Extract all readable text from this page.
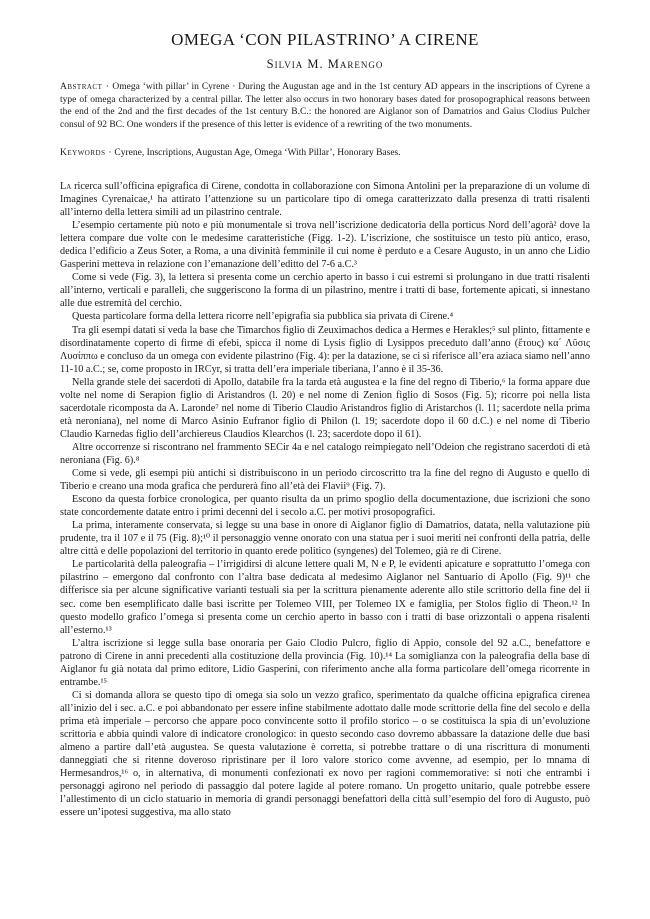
OMEGA ‘CON PILASTRINO’ A CIRENE
Silvia M. Marengo
Abstract · Omega ‘with pillar’ in Cyrene · During the Augustan age and in the 1st century AD appears in the inscriptions of Cyrene a type of omega characterized by a central pillar. The letter also occurs in two honorary bases dated for prosopographical reasons between the end of the 2nd and the first decades of the 1st century B.C.: the honored are Aiglanor son of Damatrios and Gaius Clodius Pulcher consul of 92 BC. One wonders if the presence of this letter is evidence of a rewriting of the two monuments.
Keywords · Cyrene, Inscriptions, Augustan Age, Omega ‘With Pillar’, Honorary Bases.

La ricerca sull’officina epigrafica di Cirene, condotta in collaborazione con Simona Antolini per la preparazione di un volume di Imagines Cyrenaicae,¹ ha attirato l’attenzione su un particolare tipo di omega caratterizzato dalla presenza di tratti risalenti all’interno della lettera simili ad un pilastrino centrale.

L’esempio certamente più noto e più monumentale si trova nell’iscrizione dedicatoria della porticus Nord dell’agorà² dove la lettera compare due volte con le medesime caratteristiche (Figg. 1-2). L’iscrizione, che sostituisce un testo più antico, eraso, dedica l’edificio a Zeus Soter, a Roma, a una divinità femminile il cui nome è perduto e a Cesare Augusto, in un anno che Lidio Gasperini metteva in relazione con l’emanazione dell’editto del 7-6 a.C.³

Come si vede (Fig. 3), la lettera si presenta come un cerchio aperto in basso i cui estremi si prolungano in due tratti risalenti all’interno, verticali e paralleli, che suggeriscono la forma di un pilastrino, mentre i tratti di base, fortemente apicati, si innestano alle due estremità del cerchio.

Questa particolare forma della lettera ricorre nell’epigrafia sia pubblica sia privata di Cirene.⁴

Tra gli esempi datati si veda la base che Timarchos figlio di Zeuximachos dedica a Hermes e Herakles;⁵ sul plinto, fittamente e disordinatamente coperto di firme di efebi, spicca il nome di Lysis figlio di Lysippos preceduto dall’anno (ἔτους) κα΄ Λῦσις Λυσίππω e concluso da un omega con evidente pilastrino (Fig. 4): per la datazione, se ci si riferisce all’era aziaca siamo nell’anno 11-10 a.C.; se, come proposto in IRCyr, si tratta dell’era imperiale tiberiana, l’anno è il 35-36.

Nella grande stele dei sacerdoti di Apollo, databile fra la tarda età augustea e la fine del regno di Tiberio,⁶ la forma appare due volte nel nome di Serapion figlio di Aristandros (l. 20) e nel nome di Zenion figlio di Sosos (Fig. 5); ricorre poi nella lista sacerdotale ricomposta da A. Laronde⁷ nel nome di Tiberio Claudio Aristandros figlio di Aristarchos (l. 11; sacerdote nella prima età neroniana), nel nome di Marco Asinio Eufranor figlio di Philon (l. 19; sacerdote dopo il 60 d.C.) e nel nome di Tiberio Claudio Karnedas figlio dell’archiereus Claudios Klearchos (l. 23; sacerdote dopo il 61).

Altre occorrenze si riscontrano nel frammento SECir 4a e nel catalogo reimpiegato nell’Odeion che registrano sacerdoti di età neroniana (Fig. 6).⁸

Come si vede, gli esempi più antichi si distribuiscono in un periodo circoscritto tra la fine del regno di Augusto e quello di Tiberio e creano una moda grafica che perdurerà fino all’età dei Flavii⁹ (Fig. 7).

Escono da questa forbice cronologica, per quanto risulta da un primo spoglio della documentazione, due iscrizioni che sono state concordemente datate entro i primi decenni del i secolo a.C. per motivi prosopografici.

La prima, interamente conservata, si legge su una base in onore di Aiglanor figlio di Damatrios, datata, nella valutazione più prudente, tra il 107 e il 75 (Fig. 8);¹⁰ il personaggio venne onorato con una statua per i suoi meriti nei confronti della patria, delle altre città e delle popolazioni del territorio in quanto erede politico (syngenes) del Tolemeo, già re di Cirene.

Le particolarità della paleografia – l’irrigidirsi di alcune lettere quali M, N e P, le evidenti apicature e soprattutto l’omega con pilastrino – emergono dal confronto con l’altra base dedicata al medesimo Aiglanor nel Santuario di Apollo (Fig. 9)¹¹ che differisce sia per alcune significative varianti testuali sia per la scrittura pienamente aderente allo stile scrittorio della fine del ii sec. come ben esemplificato dalle basi iscritte per Tolemeo VIII, per Tolemeo IX e famiglia, per Stolos figlio di Theon.¹² In questo modello grafico l’omega si presenta come un cerchio aperto in basso con i tratti di base orizzontali o appena risalenti all’esterno.¹³

L’altra iscrizione si legge sulla base onoraria per Gaio Clodio Pulcro, figlio di Appio, console del 92 a.C., benefattore e patrono di Cirene in anni precedenti alla costituzione della provincia (Fig. 10).¹⁴ La somiglianza con la paleografia della base di Aiglanor fu già notata dal primo editore, Lidio Gasperini, con riferimento anche alla forma particolare dell’omega ricorrente in entrambe.¹⁵

Ci si domanda allora se questo tipo di omega sia solo un vezzo grafico, sperimentato da qualche officina epigrafica cirenea all’inizio del i sec. a.C. e poi abbandonato per essere infine stabilmente adottato dalle mode scrittorie della fine del secolo e della prima età imperiale – percorso che appare poco convincente sotto il profilo storico – o se costituisca la spia di un’evoluzione scrittoria e abbia quindi valore di indicatore cronologico: in questo secondo caso dovremo abbassare la datazione delle due basi almeno a partire dall’età augustea. Se questa valutazione è corretta, si potrebbe trattare o di una riscrittura di monumenti danneggiati che si ritenne doveroso ripristinare per il loro valore storico come avvenne, ad esempio, per lo mnama di Hermesandros,¹⁶ o, in alternativa, di monumenti confezionati ex novo per ragioni commemorative: si noti che entrambi i personaggi agirono nel periodo di passaggio dal potere lagide al potere romano. Un progetto unitario, quale potrebbe essere l’allestimento di un ciclo statuario in memoria di grandi personaggi benefattori della città sull’esempio del foro di Augusto, può essere un’ipotesi suggestiva, ma allo stato
